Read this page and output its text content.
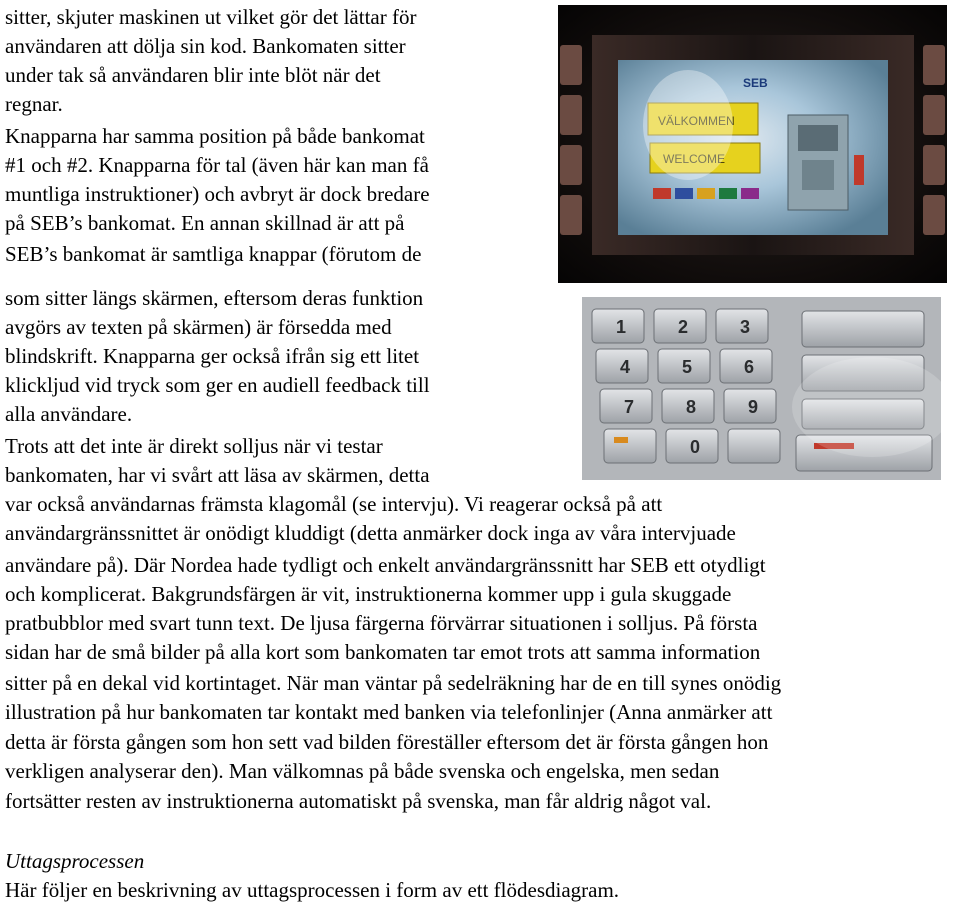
sitter, skjuter maskinen ut vilket gör det lättar för
användaren att dölja sin kod. Bankomaten sitter
under tak så användaren blir inte blöt när det
regnar.
Knapparna har samma position på både bankomat
#1 och #2. Knapparna för tal (även här kan man få
muntliga instruktioner) och avbryt är dock bredare
på SEB’s bankomat. En annan skillnad är att på
SEB’s bankomat är samtliga knappar (förutom de
som sitter längs skärmen, eftersom deras funktion
avgörs av texten på skärmen) är försedda med
blindskrift. Knapparna ger också ifrån sig ett litet
klickljud vid tryck som ger en audiell feedback till
alla användare.
Trots att det inte är direkt solljus när vi testar
bankomaten, har vi svårt att läsa av skärmen, detta
var också användarnas främsta klagomål (se intervju). Vi reagerar också på att
användargränssnittet är onödigt kluddigt (detta anmärker dock inga av våra intervjuade
användare på). Där Nordea hade tydligt och enkelt användargränssnitt har SEB ett otydligt
och komplicerat. Bakgrundsfärgen är vit, instruktionerna kommer upp i gula skuggade
pratbubblor med svart tunn text. De ljusa färgerna förvärrar situationen i solljus. På första
sidan har de små bilder på alla kort som bankomaten tar emot trots att samma information
sitter på en dekal vid kortintaget. När man väntar på sedelräkning har de en till synes onödig
illustration på hur bankomaten tar kontakt med banken via telefonlinjer (Anna anmärker att
detta är första gången som hon sett vad bilden föreställer eftersom det är första gången hon
verkligen analyserar den). Man välkomnas på både svenska och engelska, men sedan
fortsätter resten av instruktionerna automatiskt på svenska, man får aldrig något val.
Uttagsprocessen
Här följer en beskrivning av uttagsprocessen i form av ett flödesdiagram.
SEB
VÄLKOMMEN
WELCOME
1	2	3
4	5	6
7	8	9
0
